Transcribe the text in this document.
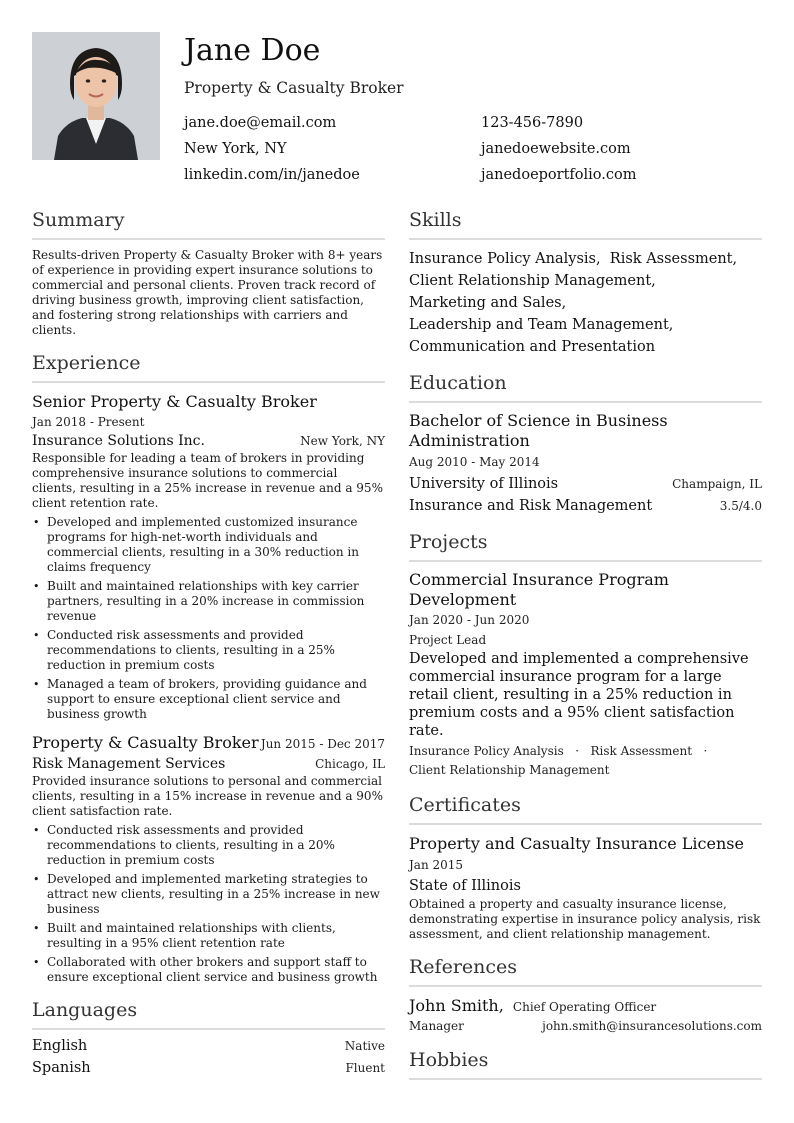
Jane Doe
Property & Casualty Broker
jane.doe@email.com	123-456-7890
New York, NY	janedoewebsite.com
linkedin.com/in/janedoe	janedoeportfolio.com
Summary
Results-driven Property & Casualty Broker with 8+ years of experience in providing expert insurance solutions to commercial and personal clients. Proven track record of driving business growth, improving client satisfaction, and fostering strong relationships with carriers and clients.
Experience
Senior Property & Casualty Broker
Jan 2018 - Present
Insurance Solutions Inc.	New York, NY
Responsible for leading a team of brokers in providing comprehensive insurance solutions to commercial clients, resulting in a 25% increase in revenue and a 95% client retention rate.
• Developed and implemented customized insurance programs for high-net-worth individuals and commercial clients, resulting in a 30% reduction in claims frequency
• Built and maintained relationships with key carrier partners, resulting in a 20% increase in commission revenue
• Conducted risk assessments and provided recommendations to clients, resulting in a 25% reduction in premium costs
• Managed a team of brokers, providing guidance and support to ensure exceptional client service and business growth
Property & Casualty Broker Jun 2015 - Dec 2017
Risk Management Services	Chicago, IL
Provided insurance solutions to personal and commercial clients, resulting in a 15% increase in revenue and a 90% client satisfaction rate.
• Conducted risk assessments and provided recommendations to clients, resulting in a 20% reduction in premium costs
• Developed and implemented marketing strategies to attract new clients, resulting in a 25% increase in new business
• Built and maintained relationships with clients, resulting in a 95% client retention rate
• Collaborated with other brokers and support staff to ensure exceptional client service and business growth
Languages
English	Native
Spanish	Fluent
Skills
Insurance Policy Analysis,  Risk Assessment,
Client Relationship Management,
Marketing and Sales,
Leadership and Team Management,
Communication and Presentation
Education
Bachelor of Science in Business Administration
Aug 2010 - May 2014
University of Illinois	Champaign, IL
Insurance and Risk Management	3.5/4.0
Projects
Commercial Insurance Program Development
Jan 2020 - Jun 2020
Project Lead
Developed and implemented a comprehensive commercial insurance program for a large retail client, resulting in a 25% reduction in premium costs and a 95% client satisfaction rate.
Insurance Policy Analysis   ·   Risk Assessment   ·
Client Relationship Management
Certificates
Property and Casualty Insurance License
Jan 2015
State of Illinois
Obtained a property and casualty insurance license, demonstrating expertise in insurance policy analysis, risk assessment, and client relationship management.
References
John Smith, Chief Operating Officer
Manager	john.smith@insurancesolutions.com
Hobbies
